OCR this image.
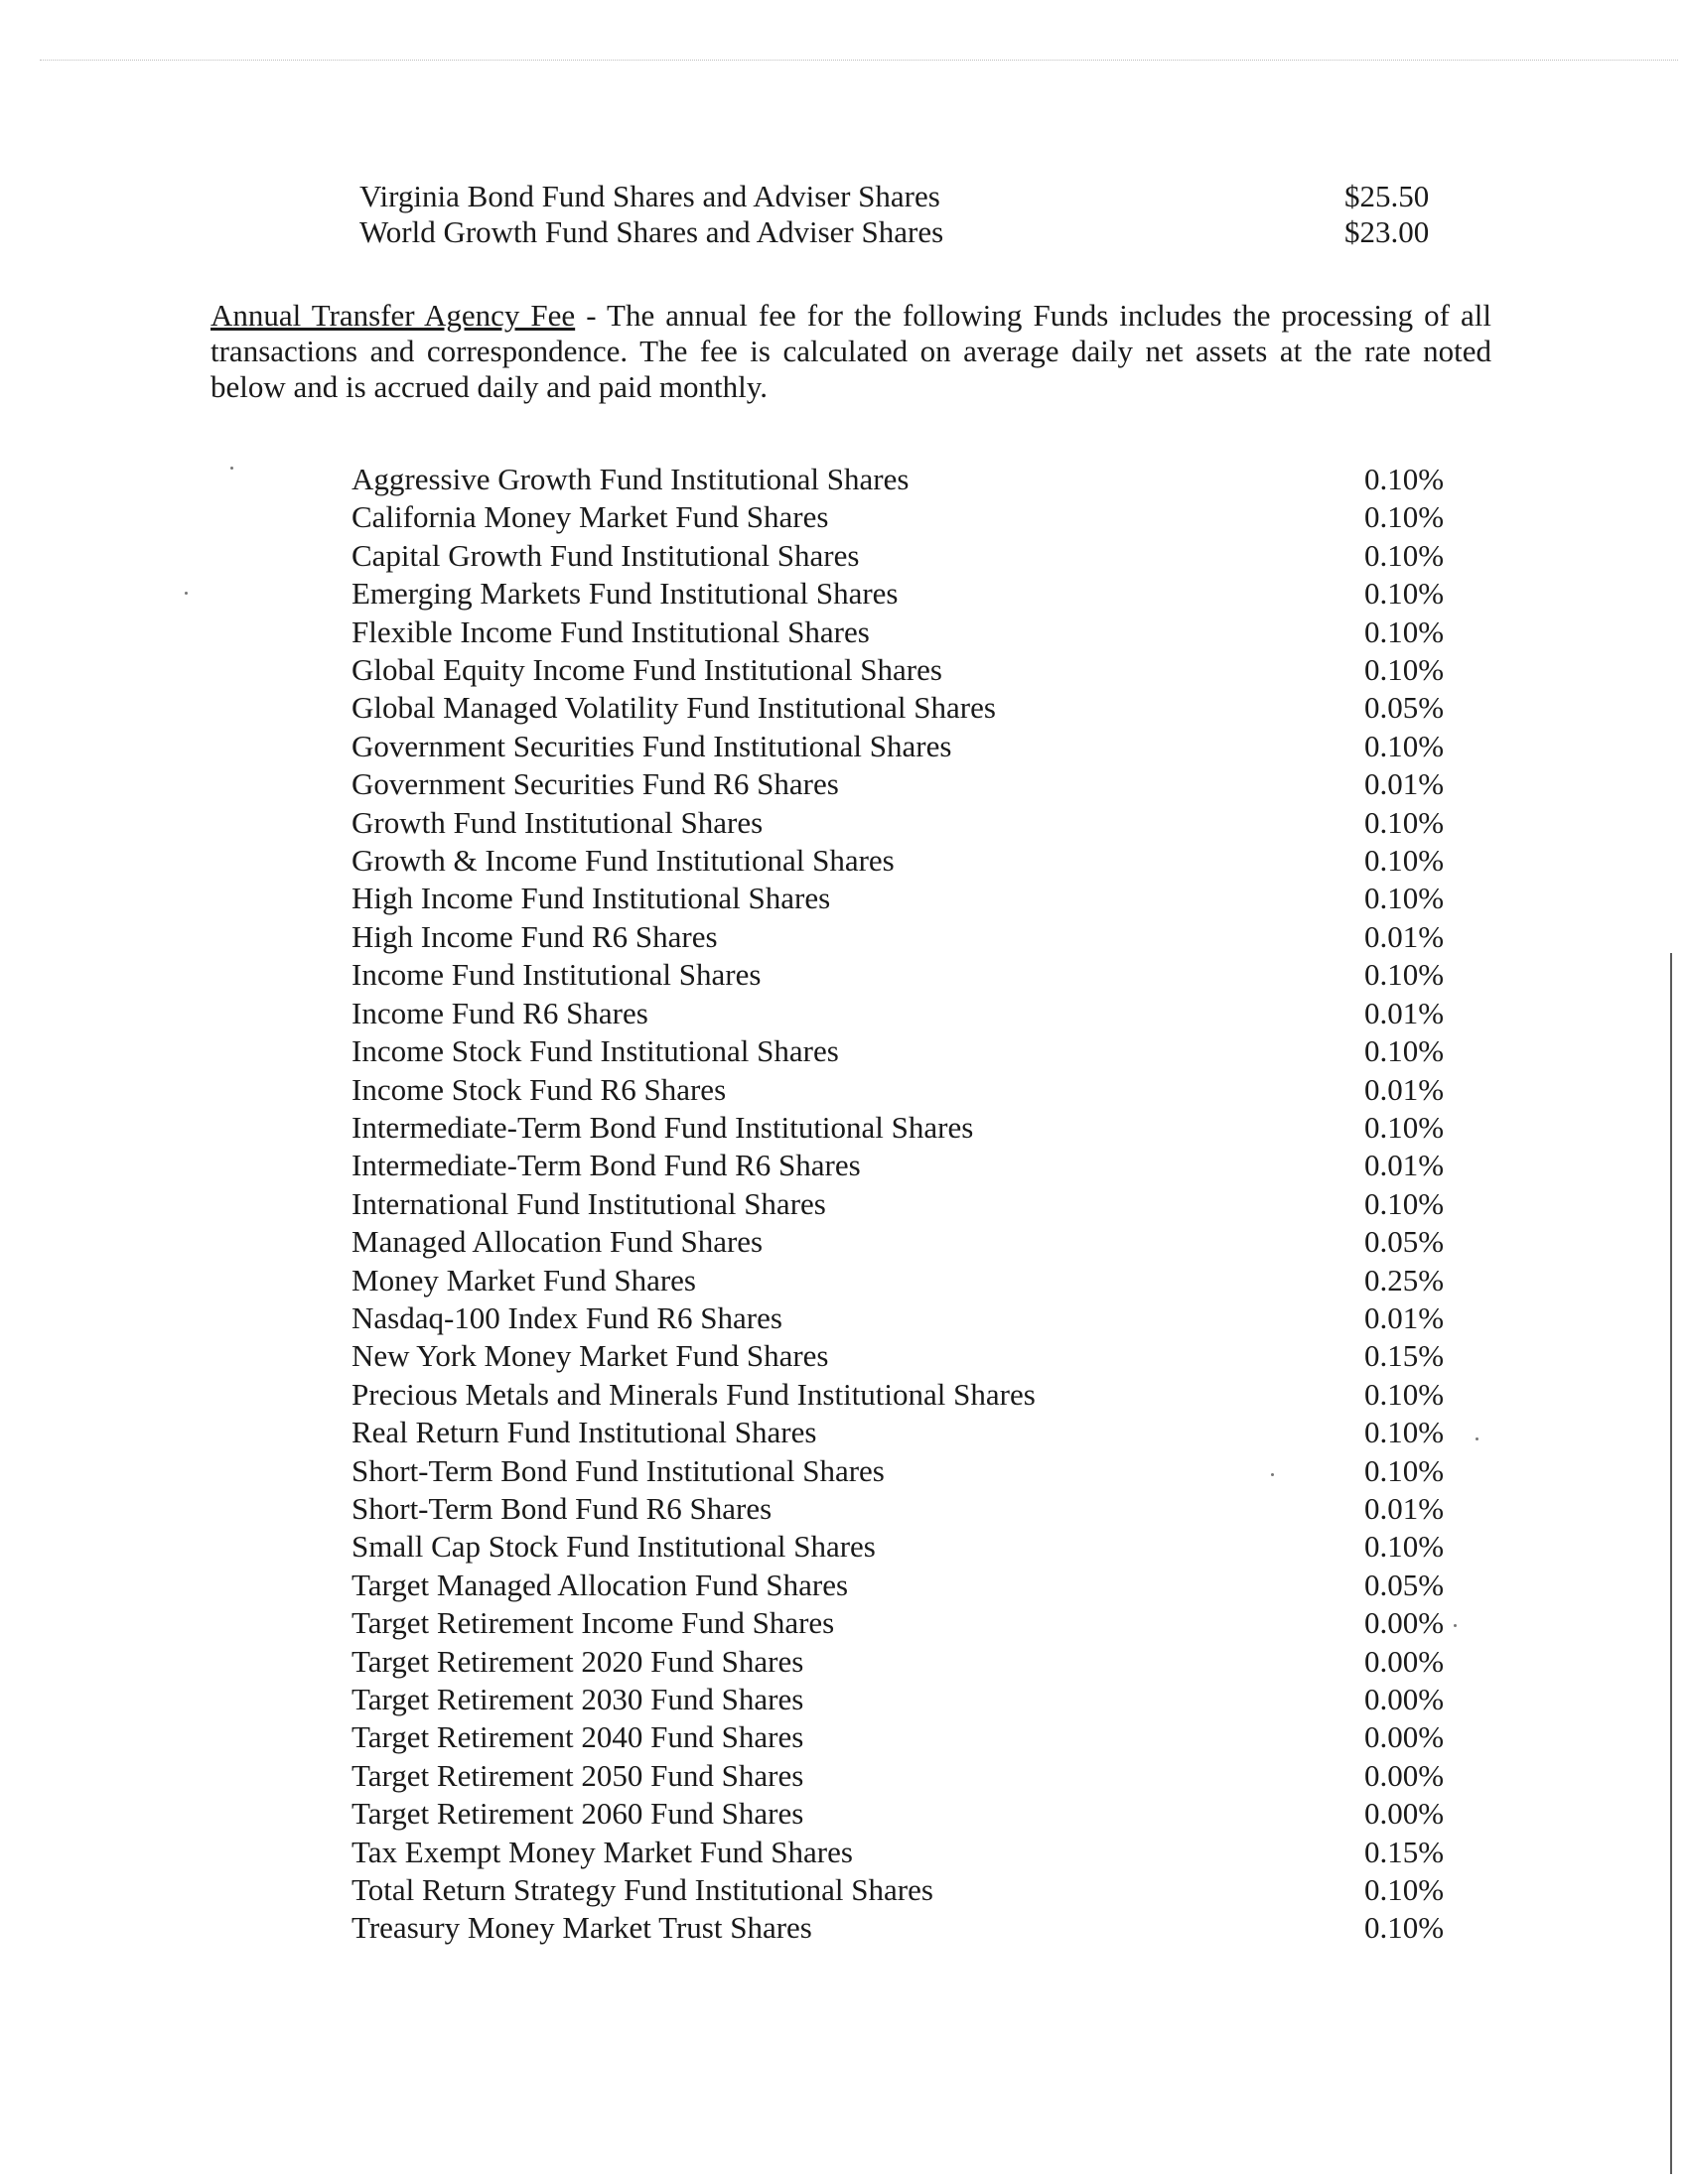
Virginia Bond Fund Shares and Adviser Shares	$25.50
World Growth Fund Shares and Adviser Shares	$23.00
Annual Transfer Agency Fee - The annual fee for the following Funds includes the processing of all transactions and correspondence. The fee is calculated on average daily net assets at the rate noted below and is accrued daily and paid monthly.
Aggressive Growth Fund Institutional Shares	0.10%
California Money Market Fund Shares	0.10%
Capital Growth Fund Institutional Shares	0.10%
Emerging Markets Fund Institutional Shares	0.10%
Flexible Income Fund Institutional Shares	0.10%
Global Equity Income Fund Institutional Shares	0.10%
Global Managed Volatility Fund Institutional Shares	0.05%
Government Securities Fund Institutional Shares	0.10%
Government Securities Fund R6 Shares	0.01%
Growth Fund Institutional Shares	0.10%
Growth & Income Fund Institutional Shares	0.10%
High Income Fund Institutional Shares	0.10%
High Income Fund R6 Shares	0.01%
Income Fund Institutional Shares	0.10%
Income Fund R6 Shares	0.01%
Income Stock Fund Institutional Shares	0.10%
Income Stock Fund R6 Shares	0.01%
Intermediate-Term Bond Fund Institutional Shares	0.10%
Intermediate-Term Bond Fund R6 Shares	0.01%
International Fund Institutional Shares	0.10%
Managed Allocation Fund Shares	0.05%
Money Market Fund Shares	0.25%
Nasdaq-100 Index Fund R6 Shares	0.01%
New York Money Market Fund Shares	0.15%
Precious Metals and Minerals Fund Institutional Shares	0.10%
Real Return Fund Institutional Shares	0.10%
Short-Term Bond Fund Institutional Shares	0.10%
Short-Term Bond Fund R6 Shares	0.01%
Small Cap Stock Fund Institutional Shares	0.10%
Target Managed Allocation Fund Shares	0.05%
Target Retirement Income Fund Shares	0.00%
Target Retirement 2020 Fund Shares	0.00%
Target Retirement 2030 Fund Shares	0.00%
Target Retirement 2040 Fund Shares	0.00%
Target Retirement 2050 Fund Shares	0.00%
Target Retirement 2060 Fund Shares	0.00%
Tax Exempt Money Market Fund Shares	0.15%
Total Return Strategy Fund Institutional Shares	0.10%
Treasury Money Market Trust Shares	0.10%
